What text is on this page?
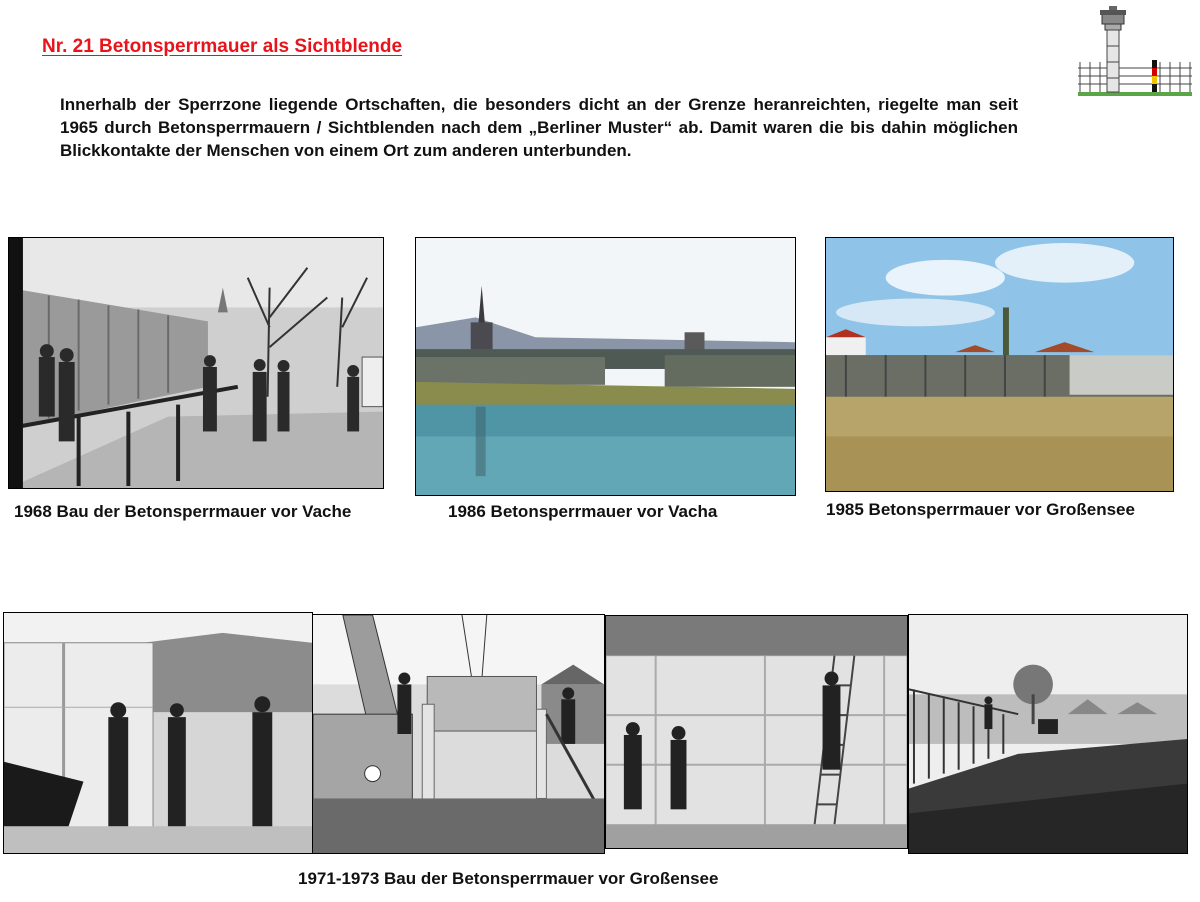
Nr. 21 Betonsperrmauer als Sichtblende

Innerhalb der Sperrzone liegende Ortschaften, die besonders dicht an der Grenze heranreichten, riegelte man seit 1965 durch Betonsperrmauern / Sichtblenden nach dem „Berliner Muster“ ab. Damit waren die bis dahin möglichen Blickkontakte der Menschen von einem Ort zum anderen unterbunden.

1968 Bau der Betonsperrmauer vor Vache	1986 Betonsperrmauer vor Vacha	1985 Betonsperrmauer vor Großensee
1971-1973 Bau der Betonsperrmauer vor Großensee
